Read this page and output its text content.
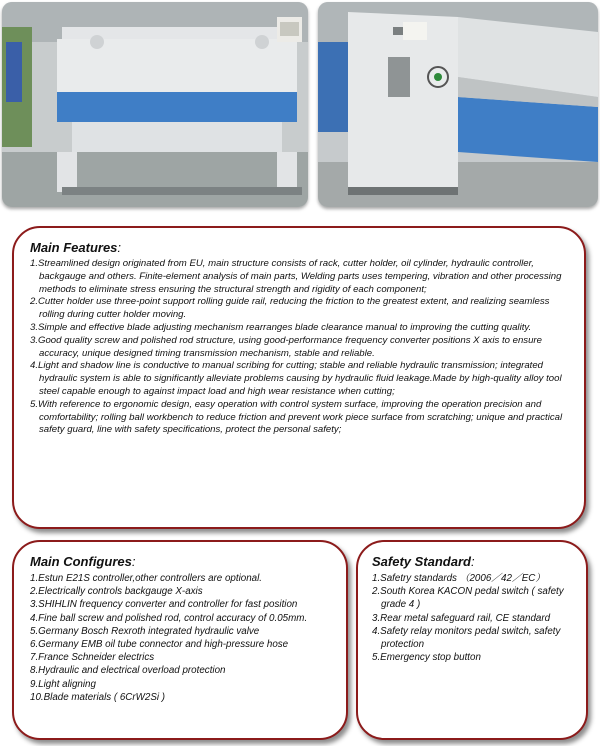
Main Features:
1.Streamlined design originated from EU, main structure consists of rack, cutter holder, oil cylinder, hydraulic controller, backgauge and others. Finite-element analysis of main parts, Welding parts uses tempering, vibration and other processing methods to eliminate stress ensuring the structural strength and rigidity of each component;
2.Cutter holder use three-point support rolling guide rail, reducing the friction to the greatest extent, and realizing seamless rolling during cutter holder moving.
3.Simple and effective blade adjusting mechanism rearranges blade clearance manual to improving the cutting quality.
3.Good quality screw and polished rod structure, using good-performance frequency converter positions X axis to ensure accuracy, unique designed timing transmission mechanism, stable and reliable.
4.Light and shadow line is conductive to manual scribing for cutting; stable and reliable hydraulic transmission; integrated hydraulic system is able to significantly alleviate problems causing by hydraulic fluid leakage.Made by high-quality alloy tool steel capable enough to against impact load and high wear resistance when cutting;
5.With reference to ergonomic design, easy operation with control system surface, improving the operation precision and comfortability; rolling ball workbench to reduce friction and prevent work piece surface from scratching; unique and practical safety guard, line with safety specifications, protect the personal safety;
Main Configures:
1.Estun E21S controller,other controllers are optional.
2.Electrically controls backgauge X-axis
3.SHIHLIN frequency converter and controller for fast position
4.Fine ball screw and polished rod, control accuracy of 0.05mm.
5.Germany Bosch Rexroth integrated hydraulic valve
6.Germany EMB oil tube connector and high-pressure hose
7.France Schneider electrics
8.Hydraulic and electrical overload protection
9.Light aligning
10.Blade materials ( 6CrW2Si )
Safety Standard:
1.Safetry standards （2006／42／EC）
2.South Korea KACON pedal switch ( safety grade 4 )
3.Rear metal safeguard rail, CE standard
4.Safety relay monitors pedal switch, safety protection
5.Emergency stop button
